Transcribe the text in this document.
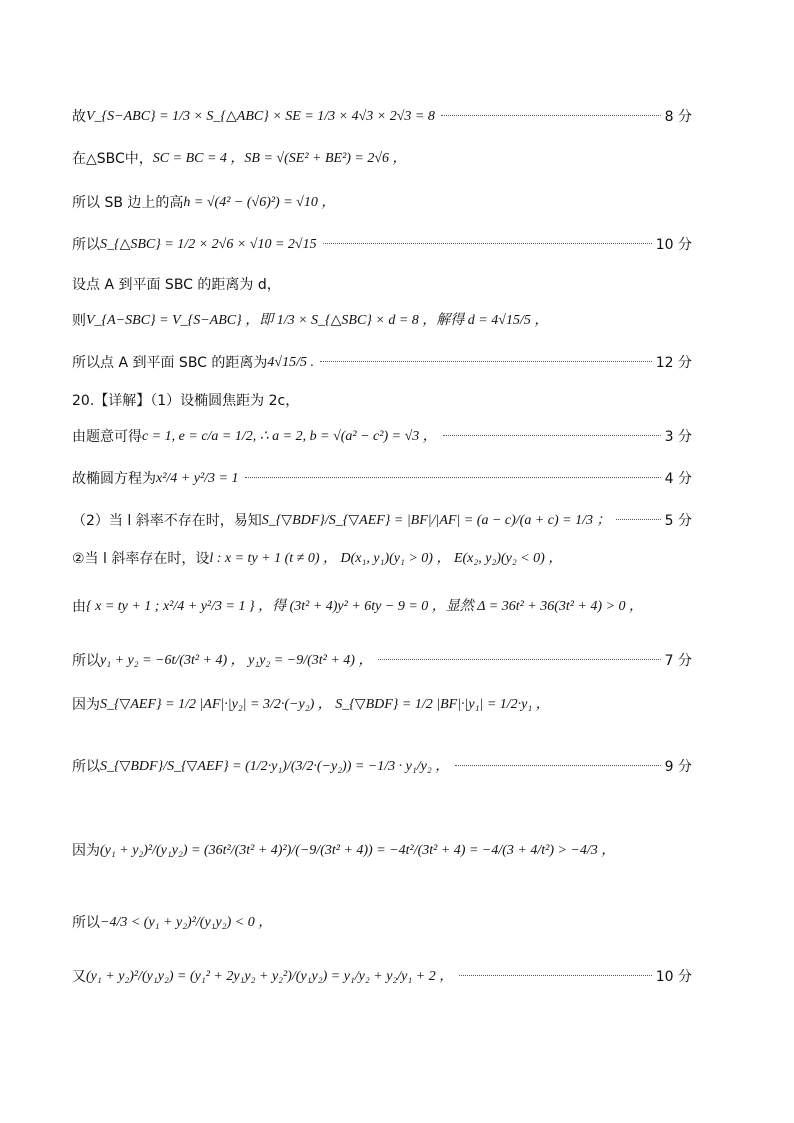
故 V_{S−ABC} = 1/3 × S_{△ABC} × SE = 1/3 × 4√3 × 2√3 = 8	8 分
在△SBC中， SC = BC = 4 ，SB = √(SE² + BE²) = 2√6 ，
所以 SB 边上的高 h = √(4² − (√6)²) = √10 ，
所以 S_{△SBC} = 1/2 × 2√6 × √10 = 2√15	10 分
设点 A 到平面 SBC 的距离为 d，
则 V_{A−SBC} = V_{S−ABC} ，即 1/3 × S_{△SBC} × d = 8 ，解得 d = 4√15/5 ，
所以点 A 到平面 SBC 的距离为 4√15/5 .	12 分
20.【详解】（1）设椭圆焦距为 2c，
由题意可得 c = 1, e = c/a = 1/2, ∴ a = 2, b = √(a² − c²) = √3 ，	3 分
故椭圆方程为 x²/4 + y²/3 = 1	4 分
（2）当 l 斜率不存在时，易知 S_{▽BDF}/S_{▽AEF} = |BF|/|AF| = (a − c)/(a + c) = 1/3 ；	5 分
②当 l 斜率存在时，设 l : x = ty + 1 (t ≠ 0) ， D(x₁, y₁)(y₁ > 0) ， E(x₂, y₂)(y₂ < 0) ，
由 { x = ty + 1 ; x²/4 + y²/3 = 1 } ，得 (3t² + 4)y² + 6ty − 9 = 0 ，显然 Δ = 36t² + 36(3t² + 4) > 0 ，
所以 y₁ + y₂ = −6t/(3t² + 4) ， y₁y₂ = −9/(3t² + 4) ，	7 分
因为 S_{▽AEF} = 1/2 |AF|·|y₂| = 3/2·(−y₂) ， S_{▽BDF} = 1/2 |BF|·|y₁| = 1/2·y₁ ，
所以 S_{▽BDF}/S_{▽AEF} = (1/2·y₁)/(3/2·(−y₂)) = −1/3 · y₁/y₂ ，	9 分
因为 (y₁ + y₂)²/(y₁y₂) = (36t²/(3t² + 4)²)/(−9/(3t² + 4)) = −4t²/(3t² + 4) = −4/(3 + 4/t²) > −4/3 ，
所以 −4/3 < (y₁ + y₂)²/(y₁y₂) < 0 ，
又 (y₁ + y₂)²/(y₁y₂) = (y₁² + 2y₁y₂ + y₂²)/(y₁y₂) = y₁/y₂ + y₂/y₁ + 2 ，	10 分
